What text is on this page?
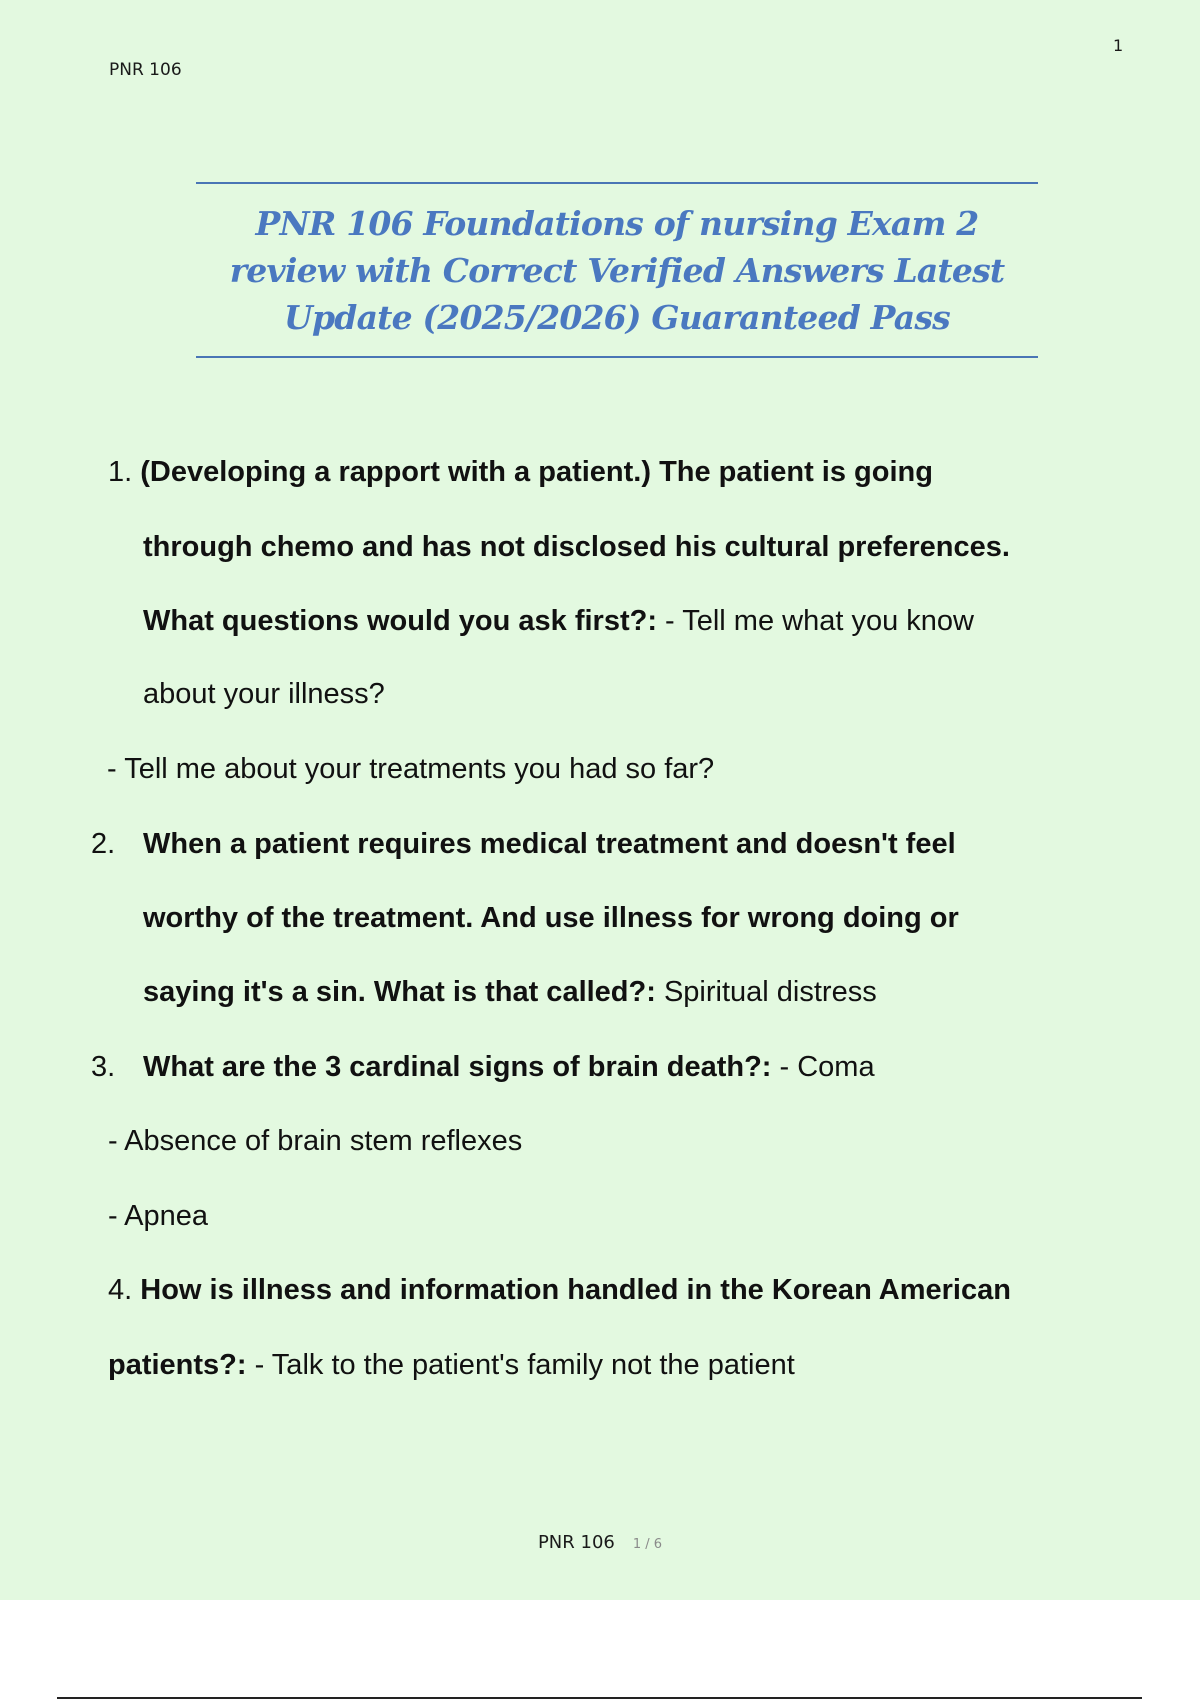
PNR 106
1
PNR 106 Foundations of nursing Exam 2 review with Correct Verified Answers Latest Update (2025/2026) Guaranteed Pass
1. (Developing a rapport with a patient.) The patient is going
through chemo and has not disclosed his cultural preferences.
What questions would you ask first?: - Tell me what you know
about your illness?
- Tell me about your treatments you had so far?
2. When a patient requires medical treatment and doesn't feel
worthy of the treatment. And use illness for wrong doing or
saying it's a sin. What is that called?: Spiritual distress
3. What are the 3 cardinal signs of brain death?: - Coma
- Absence of brain stem reflexes
- Apnea
4. How is illness and information handled in the Korean American
patients?: - Talk to the patient's family not the patient
PNR 106 1 / 6
